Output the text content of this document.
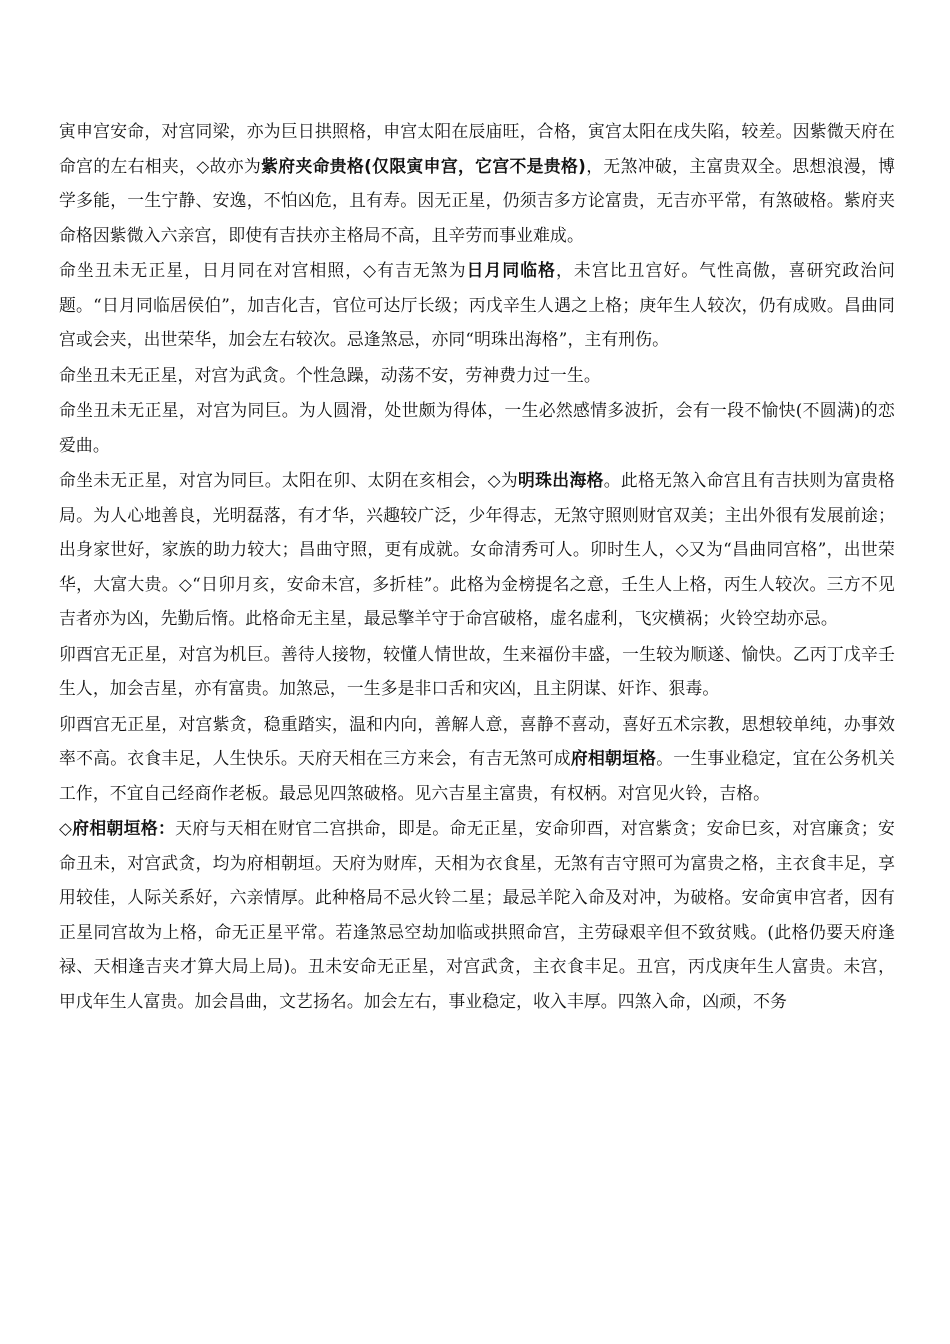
寅申宫安命，对宫同梁，亦为巨日拱照格，申宫太阳在辰庙旺，合格，寅宫太阳在戌失陷，较差。因紫微天府在命宫的左右相夹，◇故亦为紫府夹命贵格(仅限寅申宫，它宫不是贵格)，无煞冲破，主富贵双全。思想浪漫，博学多能，一生宁静、安逸，不怕凶危，且有寿。因无正星，仍须吉多方论富贵，无吉亦平常，有煞破格。紫府夹命格因紫微入六亲宫，即使有吉扶亦主格局不高，且辛劳而事业难成。

命坐丑未无正星，日月同在对宫相照，◇有吉无煞为日月同临格，未宫比丑宫好。气性高傲，喜研究政治问题。“日月同临居侯伯”，加吉化吉，官位可达厅长级；丙戊辛生人遇之上格；庚年生人较次，仍有成败。昌曲同宫或会夹，出世荣华，加会左右较次。忌逢煞忌，亦同“明珠出海格”，主有刑伤。

命坐丑未无正星，对宫为武贪。个性急躁，动荡不安，劳神费力过一生。

命坐丑未无正星，对宫为同巨。为人圆滑，处世颇为得体，一生必然感情多波折，会有一段不愉快(不圆满)的恋爱曲。

命坐未无正星，对宫为同巨。太阳在卯、太阴在亥相会，◇为明珠出海格。此格无煞入命宫且有吉扶则为富贵格局。为人心地善良，光明磊落，有才华，兴趣较广泛，少年得志，无煞守照则财官双美；主出外很有发展前途；出身家世好，家族的助力较大；昌曲守照，更有成就。女命清秀可人。卯时生人，◇又为“昌曲同宫格”，出世荣华，大富大贵。◇“日卯月亥，安命未宫，多折桂”。此格为金榜提名之意，壬生人上格，丙生人较次。三方不见吉者亦为凶，先勤后惰。此格命无主星，最忌擎羊守于命宫破格，虚名虚利，飞灾横祸；火铃空劫亦忌。

卯酉宫无正星，对宫为机巨。善待人接物，较懂人情世故，生来福份丰盛，一生较为顺遂、愉快。乙丙丁戊辛壬生人，加会吉星，亦有富贵。加煞忌，一生多是非口舌和灾凶，且主阴谋、奸诈、狠毒。

卯酉宫无正星，对宫紫贪，稳重踏实，温和内向，善解人意，喜静不喜动，喜好五术宗教，思想较单纯，办事效率不高。衣食丰足，人生快乐。天府天相在三方来会，有吉无煞可成府相朝垣格。一生事业稳定，宜在公务机关工作，不宜自己经商作老板。最忌见四煞破格。见六吉星主富贵，有权柄。对宫见火铃，吉格。

◇府相朝垣格：天府与天相在财官二宫拱命，即是。命无正星，安命卯酉，对宫紫贪；安命巳亥，对宫廉贪；安命丑未，对宫武贪，均为府相朝垣。天府为财库，天相为衣食星，无煞有吉守照可为富贵之格，主衣食丰足，享用较佳，人际关系好，六亲情厚。此种格局不忌火铃二星；最忌羊陀入命及对冲，为破格。安命寅申宫者，因有正星同宫故为上格，命无正星平常。若逢煞忌空劫加临或拱照命宫，主劳碌艰辛但不致贫贱。(此格仍要天府逢禄、天相逢吉夹才算大局上局)。丑未安命无正星，对宫武贪，主衣食丰足。丑宫，丙戊庚年生人富贵。未宫，甲戊年生人富贵。加会昌曲，文艺扬名。加会左右，事业稳定，收入丰厚。四煞入命，凶顽，不务
